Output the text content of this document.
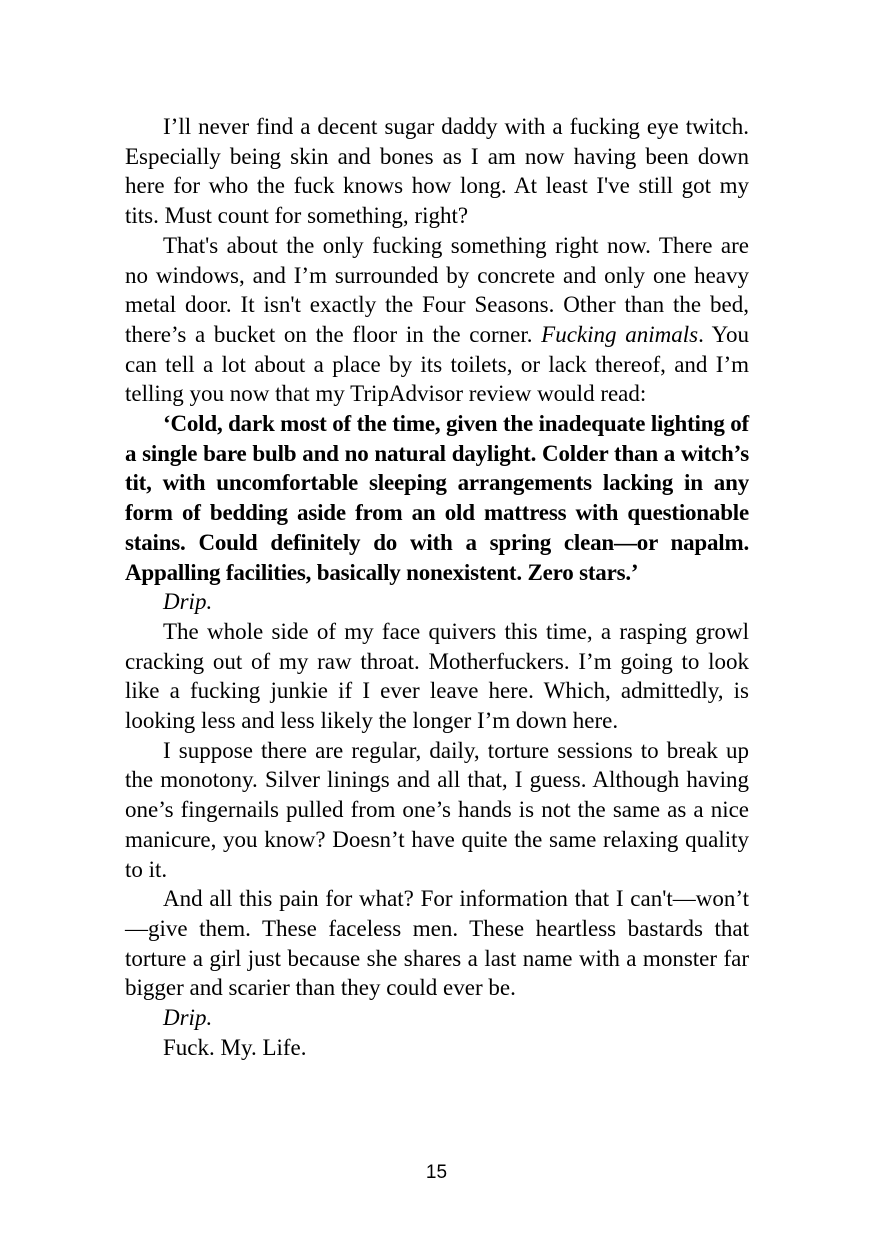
I’ll never find a decent sugar daddy with a fucking eye twitch. Especially being skin and bones as I am now having been down here for who the fuck knows how long. At least I've still got my tits. Must count for something, right?

That's about the only fucking something right now. There are no windows, and I’m surrounded by concrete and only one heavy metal door. It isn't exactly the Four Seasons. Other than the bed, there’s a bucket on the floor in the corner. Fucking animals. You can tell a lot about a place by its toilets, or lack thereof, and I’m telling you now that my TripAdvisor review would read:

‘Cold, dark most of the time, given the inadequate lighting of a single bare bulb and no natural daylight. Colder than a witch’s tit, with uncomfortable sleeping arrangements lacking in any form of bedding aside from an old mattress with questionable stains. Could definitely do with a spring clean—or napalm. Appalling facilities, basically nonexistent. Zero stars.’

Drip.

The whole side of my face quivers this time, a rasping growl cracking out of my raw throat. Motherfuckers. I’m going to look like a fucking junkie if I ever leave here. Which, admittedly, is looking less and less likely the longer I’m down here.

I suppose there are regular, daily, torture sessions to break up the monotony. Silver linings and all that, I guess. Although having one’s fingernails pulled from one’s hands is not the same as a nice manicure, you know? Doesn’t have quite the same relaxing quality to it.

And all this pain for what? For information that I can't—won’t—give them. These faceless men. These heartless bastards that torture a girl just because she shares a last name with a monster far bigger and scarier than they could ever be.

Drip.

Fuck. My. Life.

15
